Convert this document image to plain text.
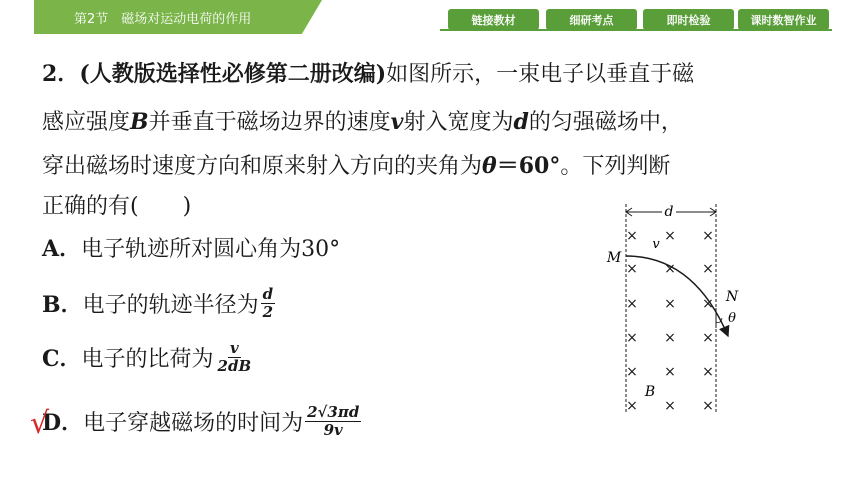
第2节　磁场对运动电荷的作用	链接教材	细研考点	即时检验	课时数智作业
2．(人教版选择性必修第二册改编)如图所示，一束电子以垂直于磁
感应强度B并垂直于磁场边界的速度v射入宽度为d的匀强磁场中，
穿出磁场时速度方向和原来射入方向的夹角为θ＝60°。下列判断
正确的有(　　)
A． 电子轨迹所对圆心角为30°
B． 电子的轨迹半径为 $\frac{d}{2}$
C． 电子的比荷为 $\frac{v}{2dB}$
D． 电子穿越磁场的时间为 $\frac{2√3\pi d}{9v}$
√
d
× × ×
× × ×
× × ×
× × ×
× × ×
× × ×
M
v
N
θ
B
